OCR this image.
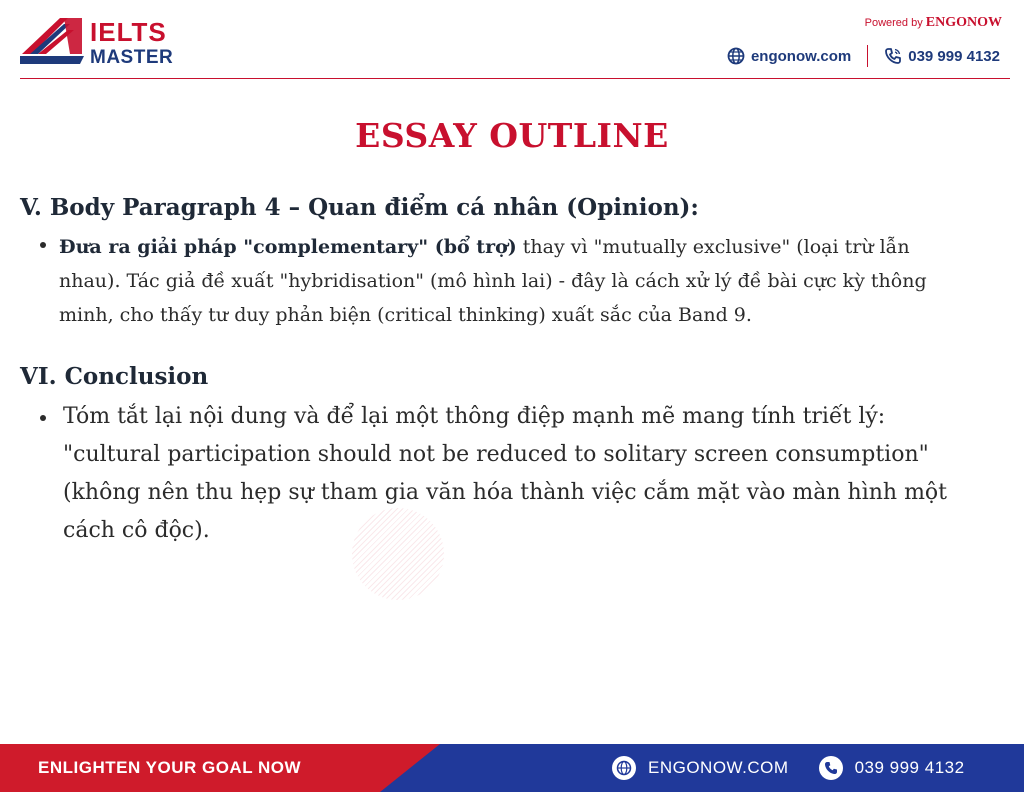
IELTS
MASTER
Powered by ENGONOW
engonow.com	039 999 4132
ESSAY OUTLINE
V. Body Paragraph 4 – Quan điểm cá nhân (Opinion):
Đưa ra giải pháp "complementary" (bổ trợ) thay vì "mutually exclusive" (loại trừ lẫn
nhau). Tác giả đề xuất "hybridisation" (mô hình lai) - đây là cách xử lý đề bài cực kỳ thông
minh, cho thấy tư duy phản biện (critical thinking) xuất sắc của Band 9.
VI. Conclusion
Tóm tắt lại nội dung và để lại một thông điệp mạnh mẽ mang tính triết lý:
"cultural participation should not be reduced to solitary screen consumption"
(không nên thu hẹp sự tham gia văn hóa thành việc cắm mặt vào màn hình một
cách cô độc).
ENLIGHTEN YOUR GOAL NOW	ENGONOW.COM	039 999 4132
